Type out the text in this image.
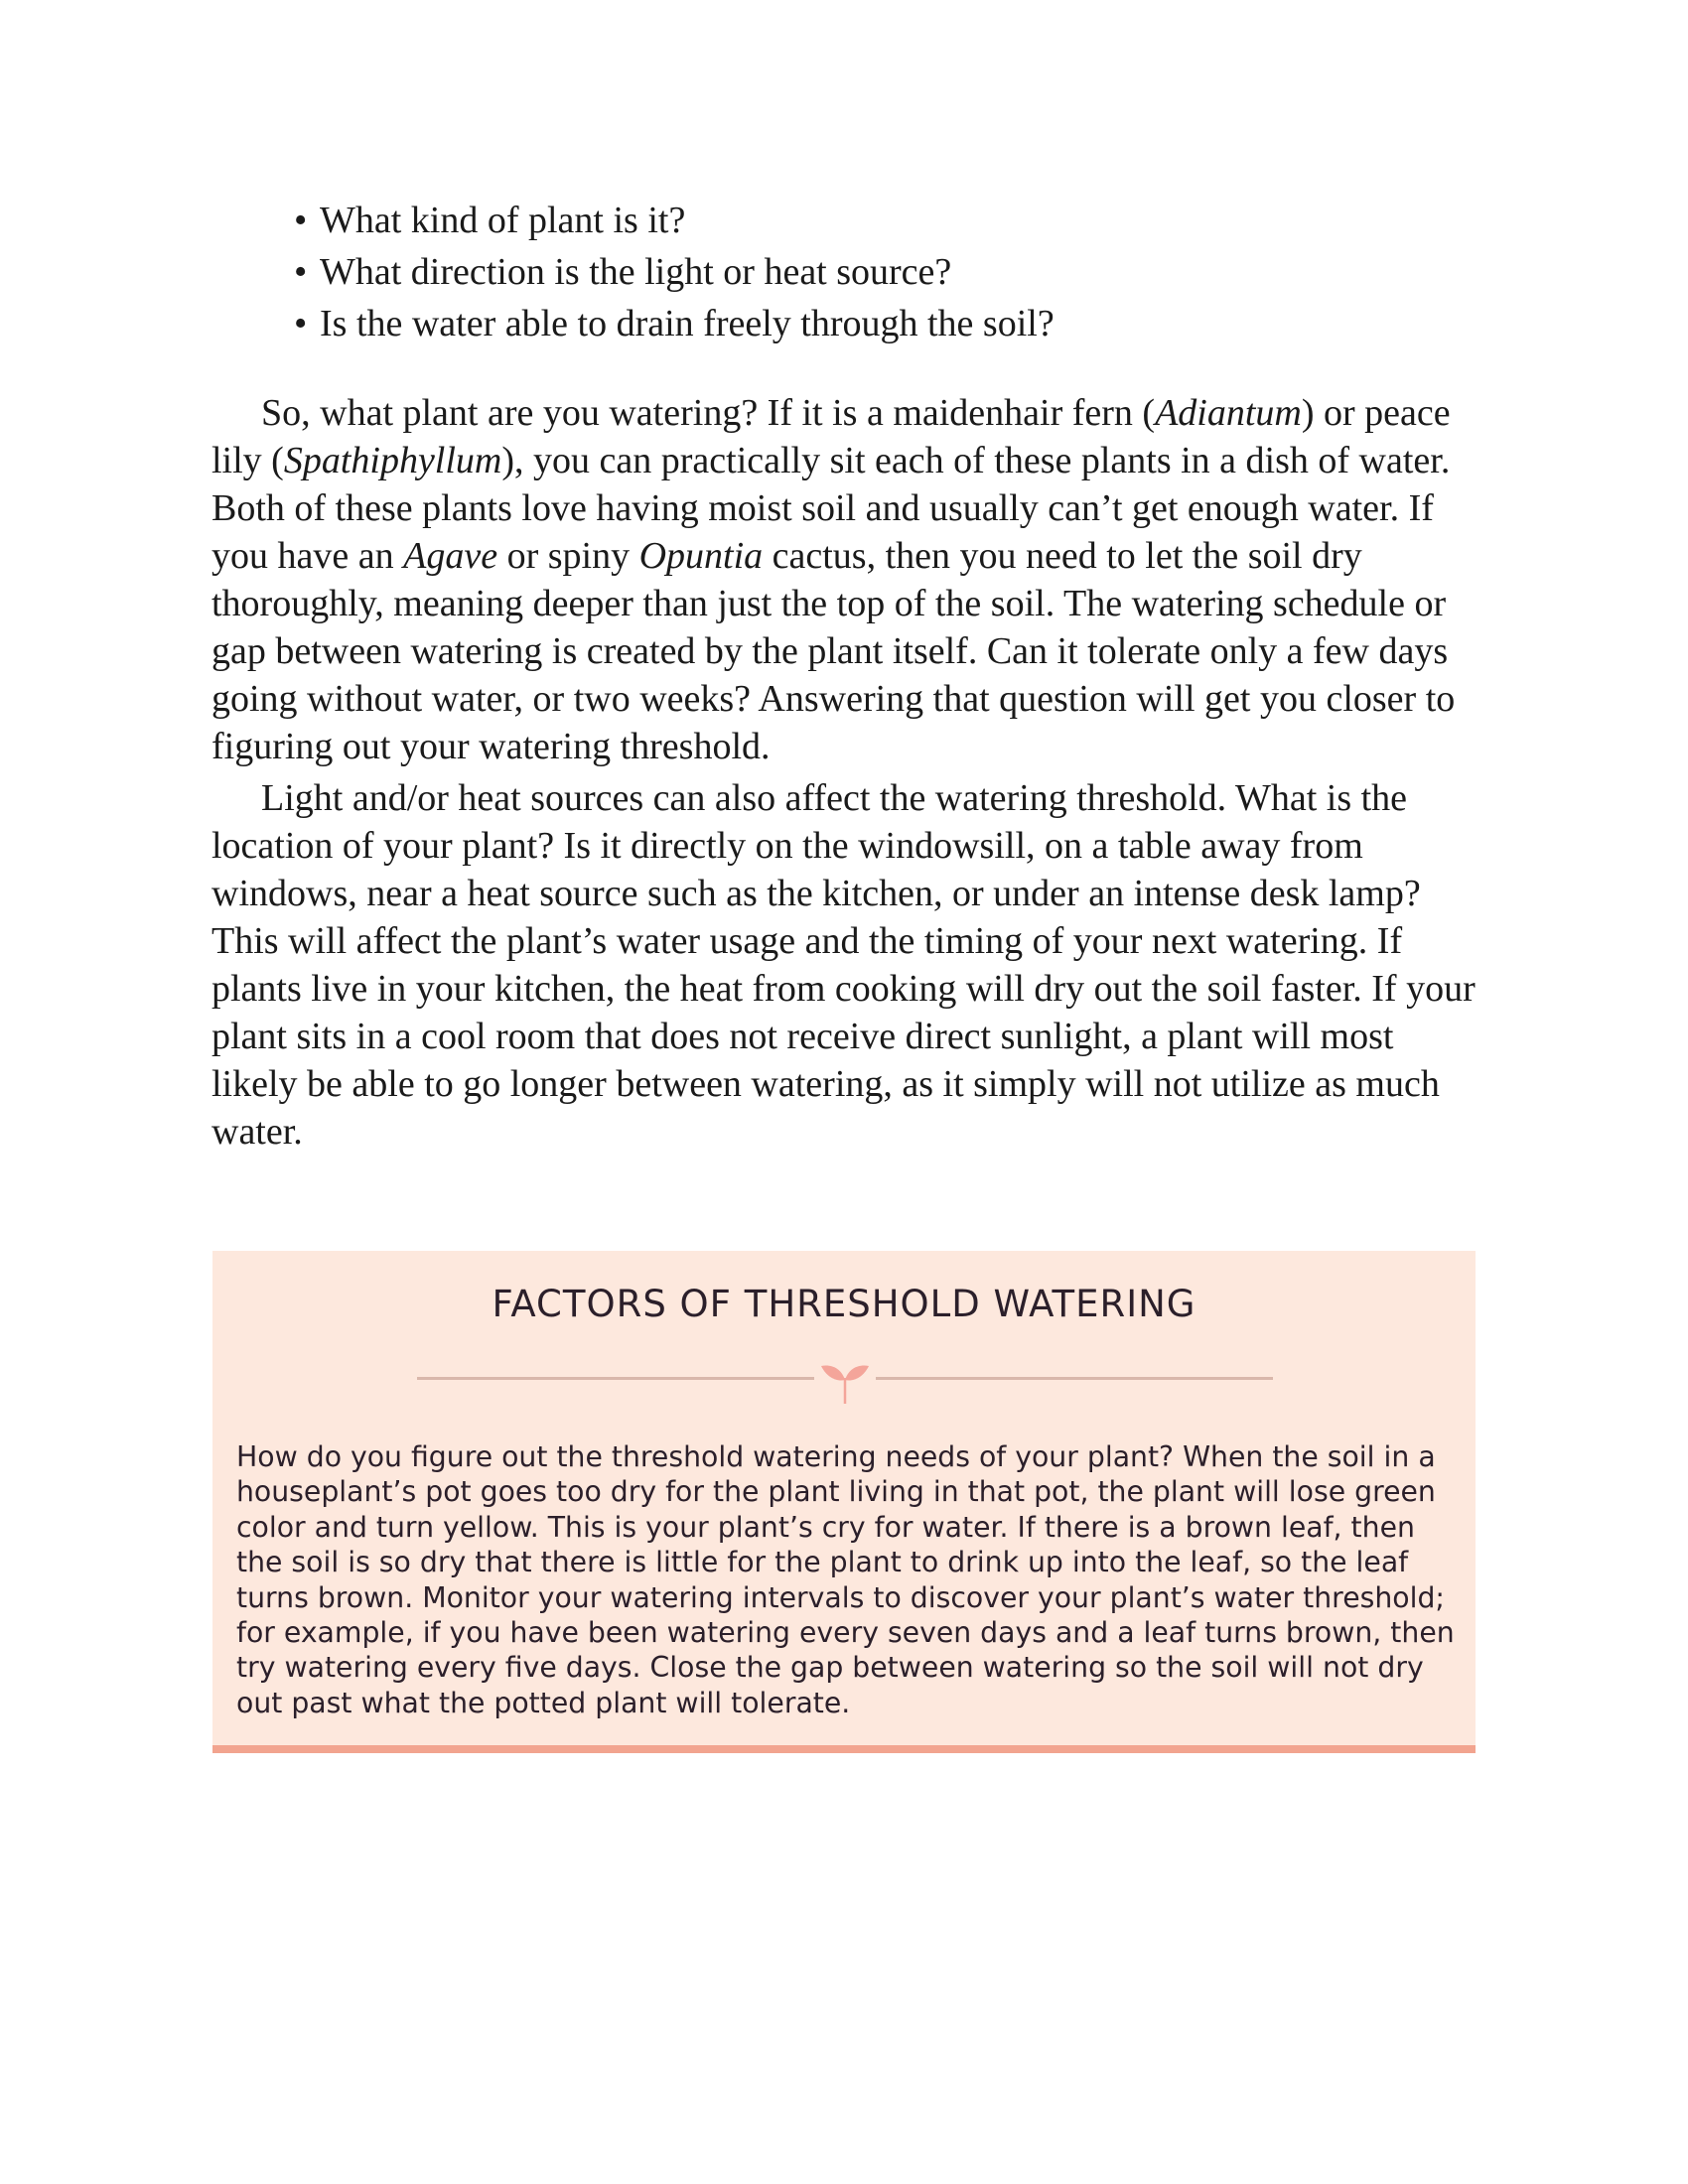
• What kind of plant is it?
• What direction is the light or heat source?
• Is the water able to drain freely through the soil?

So, what plant are you watering? If it is a maidenhair fern (Adiantum) or peace lily (Spathiphyllum), you can practically sit each of these plants in a dish of water. Both of these plants love having moist soil and usually can’t get enough water. If you have an Agave or spiny Opuntia cactus, then you need to let the soil dry thoroughly, meaning deeper than just the top of the soil. The watering schedule or gap between watering is created by the plant itself. Can it tolerate only a few days going without water, or two weeks? Answering that question will get you closer to figuring out your watering threshold.

Light and/or heat sources can also affect the watering threshold. What is the location of your plant? Is it directly on the windowsill, on a table away from windows, near a heat source such as the kitchen, or under an intense desk lamp? This will affect the plant’s water usage and the timing of your next watering. If plants live in your kitchen, the heat from cooking will dry out the soil faster. If your plant sits in a cool room that does not receive direct sunlight, a plant will most likely be able to go longer between watering, as it simply will not utilize as much water.

FACTORS OF THRESHOLD WATERING
How do you figure out the threshold watering needs of your plant? When the soil in a houseplant’s pot goes too dry for the plant living in that pot, the plant will lose green color and turn yellow. This is your plant’s cry for water. If there is a brown leaf, then the soil is so dry that there is little for the plant to drink up into the leaf, so the leaf turns brown. Monitor your watering intervals to discover your plant’s water threshold; for example, if you have been watering every seven days and a leaf turns brown, then try watering every five days. Close the gap between watering so the soil will not dry out past what the potted plant will tolerate.
